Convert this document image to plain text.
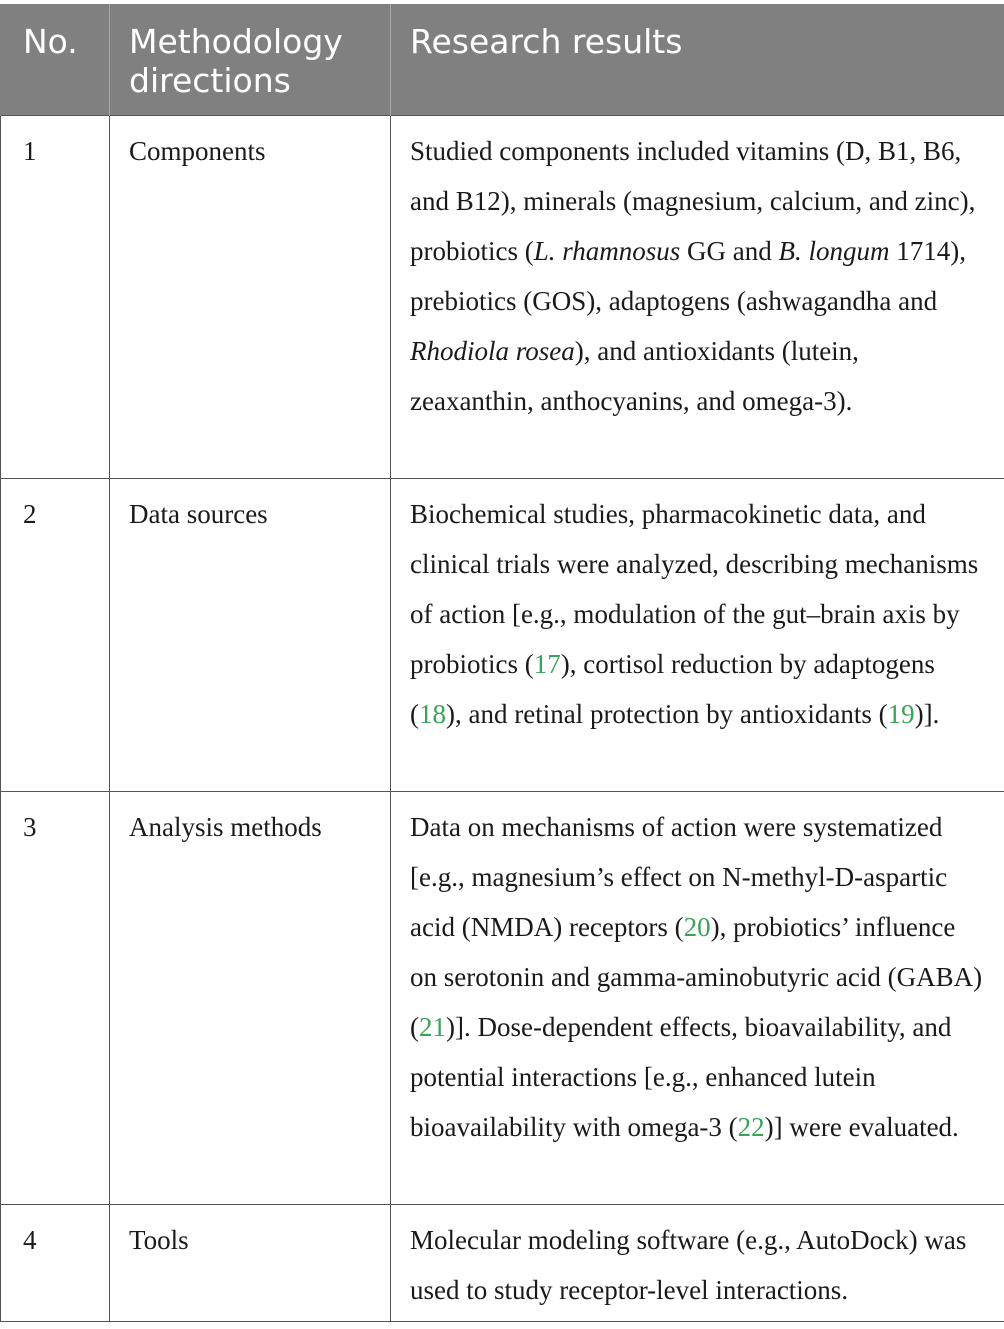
No.	Methodology directions	Research results
1	Components	Studied components included vitamins (D, B1, B6, and B12), minerals (magnesium, calcium, and zinc), probiotics (L. rhamnosus GG and B. longum 1714), prebiotics (GOS), adaptogens (ashwagandha and Rhodiola rosea), and antioxidants (lutein, zeaxanthin, anthocyanins, and omega-3).
2	Data sources	Biochemical studies, pharmacokinetic data, and clinical trials were analyzed, describing mechanisms of action [e.g., modulation of the gut–brain axis by probiotics (17), cortisol reduction by adaptogens (18), and retinal protection by antioxidants (19)].
3	Analysis methods	Data on mechanisms of action were systematized [e.g., magnesium’s effect on N-methyl-D-aspartic acid (NMDA) receptors (20), probiotics’ influence on serotonin and gamma-aminobutyric acid (GABA) (21)]. Dose-dependent effects, bioavailability, and potential interactions [e.g., enhanced lutein bioavailability with omega-3 (22)] were evaluated.
4	Tools	Molecular modeling software (e.g., AutoDock) was used to study receptor-level interactions.
